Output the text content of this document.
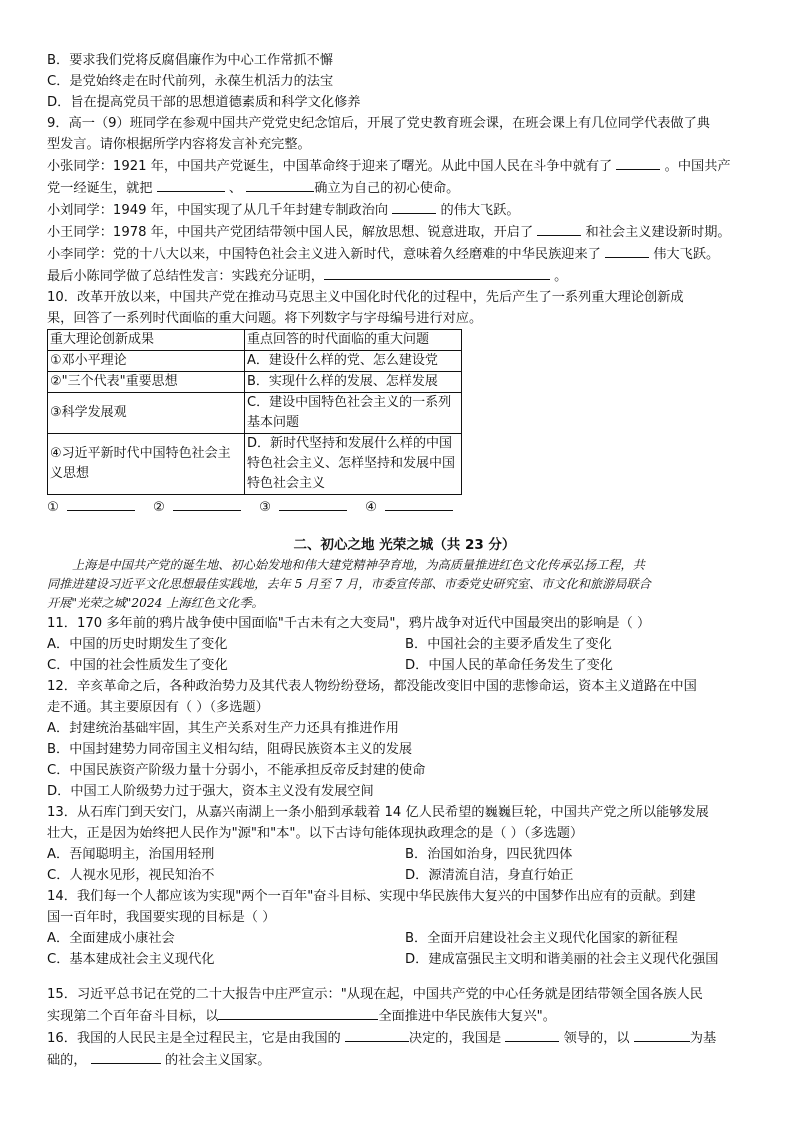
B．要求我们党将反腐倡廉作为中心工作常抓不懈
C．是党始终走在时代前列，永葆生机活力的法宝
D．旨在提高党员干部的思想道德素质和科学文化修养
9．高一（9）班同学在参观中国共产党党史纪念馆后，开展了党史教育班会课，在班会课上有几位同学代表做了典
型发言。请你根据所学内容将发言补充完整。
小张同学：1921 年，中国共产党诞生，中国革命终于迎来了曙光。从此中国人民在斗争中就有了	。中国共产
党一经诞生，就把	、	确立为自己的初心使命。
小刘同学：1949 年，中国实现了从几千年封建专制政治向	的伟大飞跃。
小王同学：1978 年，中国共产党团结带领中国人民，解放思想、锐意进取，开启了	和社会主义建设新时期。
小李同学：党的十八大以来，中国特色社会主义进入新时代，意味着久经磨难的中华民族迎来了	伟大飞跃。
最后小陈同学做了总结性发言：实践充分证明，	。
10．改革开放以来，中国共产党在推动马克思主义中国化时代化的过程中，先后产生了一系列重大理论创新成
果，回答了一系列时代面临的重大问题。将下列数字与字母编号进行对应。
重大理论创新成果	重点回答的时代面临的重大问题
①邓小平理论	A．建设什么样的党、怎么建设党
②"三个代表"重要思想	B．实现什么样的发展、怎样发展
③科学发展观	C．建设中国特色社会主义的一系列基本问题
④习近平新时代中国特色社会主义思想	D．新时代坚持和发展什么样的中国特色社会主义、怎样坚持和发展中国特色社会主义
①	②	③	④
二、初心之地 光荣之城（共 23 分）
上海是中国共产党的诞生地、初心始发地和伟大建党精神孕育地，为高质量推进红色文化传承弘扬工程，共
同推进建设习近平文化思想最佳实践地，去年 5 月至 7 月，市委宣传部、市委党史研究室、市文化和旅游局联合
开展"光荣之城"2024 上海红色文化季。
11．170 多年前的鸦片战争使中国面临"千古未有之大变局"，鸦片战争对近代中国最突出的影响是（ ）
A．中国的历史时期发生了变化	B．中国社会的主要矛盾发生了变化
C．中国的社会性质发生了变化	D．中国人民的革命任务发生了变化
12．辛亥革命之后，各种政治势力及其代表人物纷纷登场，都没能改变旧中国的悲惨命运，资本主义道路在中国
走不通。其主要原因有（ ）（多选题）
A．封建统治基础牢固，其生产关系对生产力还具有推进作用
B．中国封建势力同帝国主义相勾结，阻碍民族资本主义的发展
C．中国民族资产阶级力量十分弱小，不能承担反帝反封建的使命
D．中国工人阶级势力过于强大，资本主义没有发展空间
13．从石库门到天安门，从嘉兴南湖上一条小船到承载着 14 亿人民希望的巍巍巨轮，中国共产党之所以能够发展
壮大，正是因为始终把人民作为"源"和"本"。以下古诗句能体现执政理念的是（ ）（多选题）
A．吾闻聪明主，治国用轻刑	B．治国如治身，四民犹四体
C．人视水见形，视民知治不	D．源清流自洁，身直行始正
14．我们每一个人都应该为实现"两个一百年"奋斗目标、实现中华民族伟大复兴的中国梦作出应有的贡献。到建
国一百年时，我国要实现的目标是（ ）
A．全面建成小康社会	B．全面开启建设社会主义现代化国家的新征程
C．基本建成社会主义现代化	D．建成富强民主文明和谐美丽的社会主义现代化强国
15．习近平总书记在党的二十大报告中庄严宣示："从现在起，中国共产党的中心任务就是团结带领全国各族人民
实现第二个百年奋斗目标，以	全面推进中华民族伟大复兴"。
16．我国的人民民主是全过程民主，它是由我国的	决定的，我国是	领导的，以	为基
础的，	的社会主义国家。
